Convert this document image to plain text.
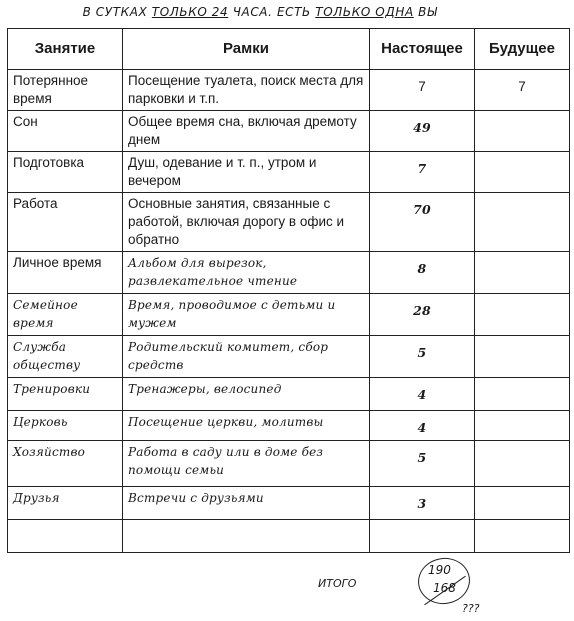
В СУТКАХ ТОЛЬКО 24 ЧАСА. ЕСТЬ ТОЛЬКО ОДНА ВЫ
Занятие	Рамки	Настоящее	Будущее
Потерянное время	Посещение туалета, поиск места для парковки и т.п.	7	7
Сон	Общее время сна, включая дремоту днем	49	
Подготовка	Душ, одевание и т. п., утром и вечером	7	
Работа	Основные занятия, связанные с работой, включая дорогу в офис и обратно	70	
Личное время	Альбом для вырезок, развлекательное чтение	8	
Семейное время	Время, проводимое с детьми и мужем	28	
Служба обществу	Родительский комитет, сбор средств	5	
Тренировки	Тренажеры, велосипед	4	
Церковь	Посещение церкви, молитвы	4	
Хозяйство	Работа в саду или в доме без помощи семьи	5	
Друзья	Встречи с друзьями	3	

ИТОГО
190
168
???
